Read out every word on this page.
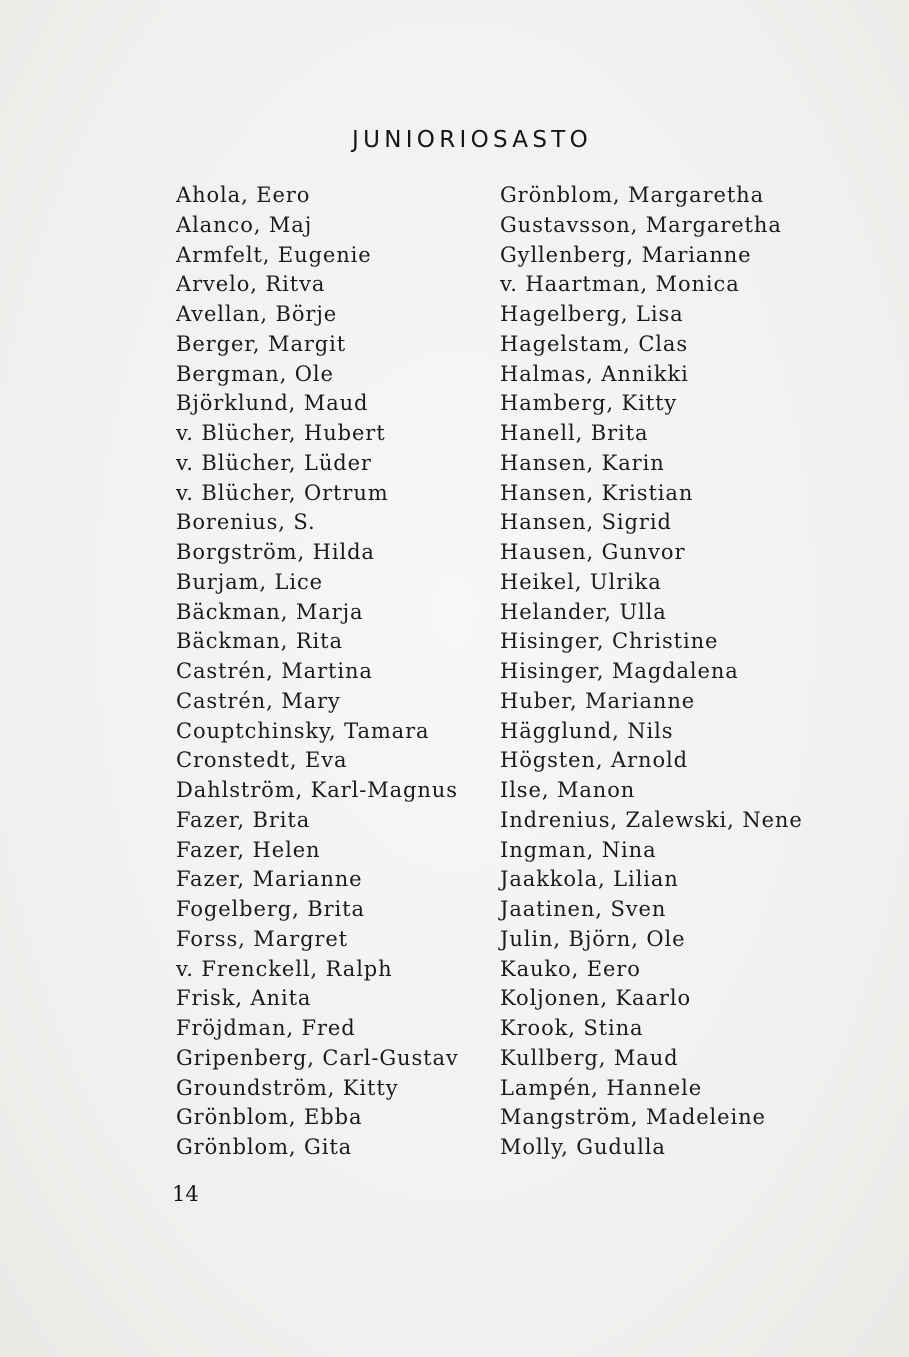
JUNIORIOSASTO
Ahola, Eero
Alanco, Maj
Armfelt, Eugenie
Arvelo, Ritva
Avellan, Börje
Berger, Margit
Bergman, Ole
Björklund, Maud
v. Blücher, Hubert
v. Blücher, Lüder
v. Blücher, Ortrum
Borenius, S.
Borgström, Hilda
Burjam, Lice
Bäckman, Marja
Bäckman, Rita
Castrén, Martina
Castrén, Mary
Couptchinsky, Tamara
Cronstedt, Eva
Dahlström, Karl-Magnus
Fazer, Brita
Fazer, Helen
Fazer, Marianne
Fogelberg, Brita
Forss, Margret
v. Frenckell, Ralph
Frisk, Anita
Fröjdman, Fred
Gripenberg, Carl-Gustav
Groundström, Kitty
Grönblom, Ebba
Grönblom, Gita
Grönblom, Margaretha
Gustavsson, Margaretha
Gyllenberg, Marianne
v. Haartman, Monica
Hagelberg, Lisa
Hagelstam, Clas
Halmas, Annikki
Hamberg, Kitty
Hanell, Brita
Hansen, Karin
Hansen, Kristian
Hansen, Sigrid
Hausen, Gunvor
Heikel, Ulrika
Helander, Ulla
Hisinger, Christine
Hisinger, Magdalena
Huber, Marianne
Hägglund, Nils
Högsten, Arnold
Ilse, Manon
Indrenius, Zalewski, Nene
Ingman, Nina
Jaakkola, Lilian
Jaatinen, Sven
Julin, Björn, Ole
Kauko, Eero
Koljonen, Kaarlo
Krook, Stina
Kullberg, Maud
Lampén, Hannele
Mangström, Madeleine
Molly, Gudulla
14
